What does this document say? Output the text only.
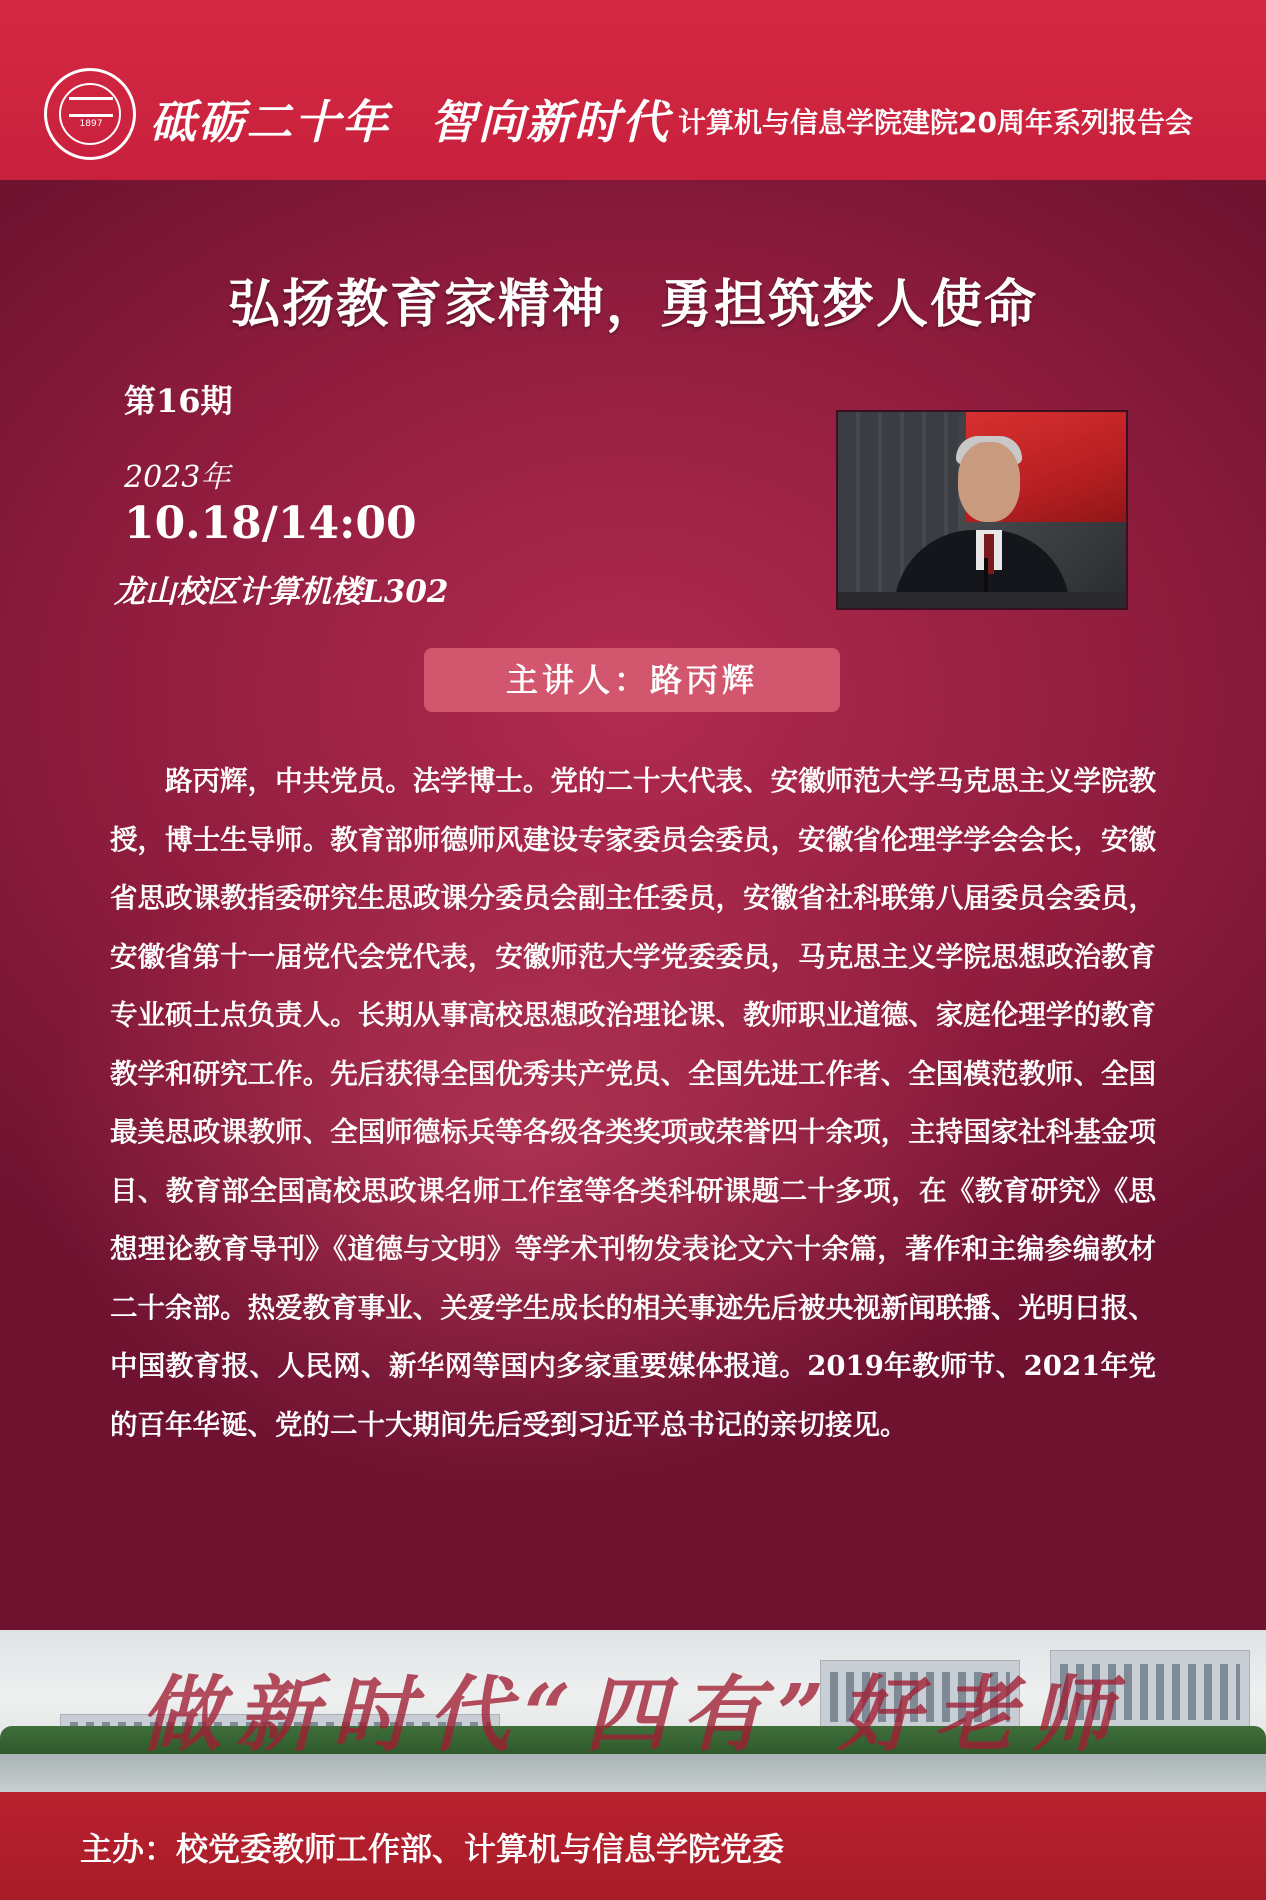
1897	砥砺二十年 智向新时代 计算机与信息学院建院20周年系列报告会
弘扬教育家精神，勇担筑梦人使命
第16期
2023年
10.18/14:00
龙山校区计算机楼L302
主讲人：路丙辉

路丙辉，中共党员。法学博士。党的二十大代表、安徽师范大学马克思主义学院教授，博士生导师。教育部师德师风建设专家委员会委员，安徽省伦理学学会会长，安徽省思政课教指委研究生思政课分委员会副主任委员，安徽省社科联第八届委员会委员，安徽省第十一届党代会党代表，安徽师范大学党委委员，马克思主义学院思想政治教育专业硕士点负责人。长期从事高校思想政治理论课、教师职业道德、家庭伦理学的教育教学和研究工作。先后获得全国优秀共产党员、全国先进工作者、全国模范教师、全国最美思政课教师、全国师德标兵等各级各类奖项或荣誉四十余项，主持国家社科基金项目、教育部全国高校思政课名师工作室等各类科研课题二十多项，在《教育研究》《思想理论教育导刊》《道德与文明》等学术刊物发表论文六十余篇，著作和主编参编教材二十余部。热爱教育事业、关爱学生成长的相关事迹先后被央视新闻联播、光明日报、中国教育报、人民网、新华网等国内多家重要媒体报道。2019年教师节、2021年党的百年华诞、党的二十大期间先后受到习近平总书记的亲切接见。

做新时代“四有”好老师
主办：校党委教师工作部、计算机与信息学院党委
